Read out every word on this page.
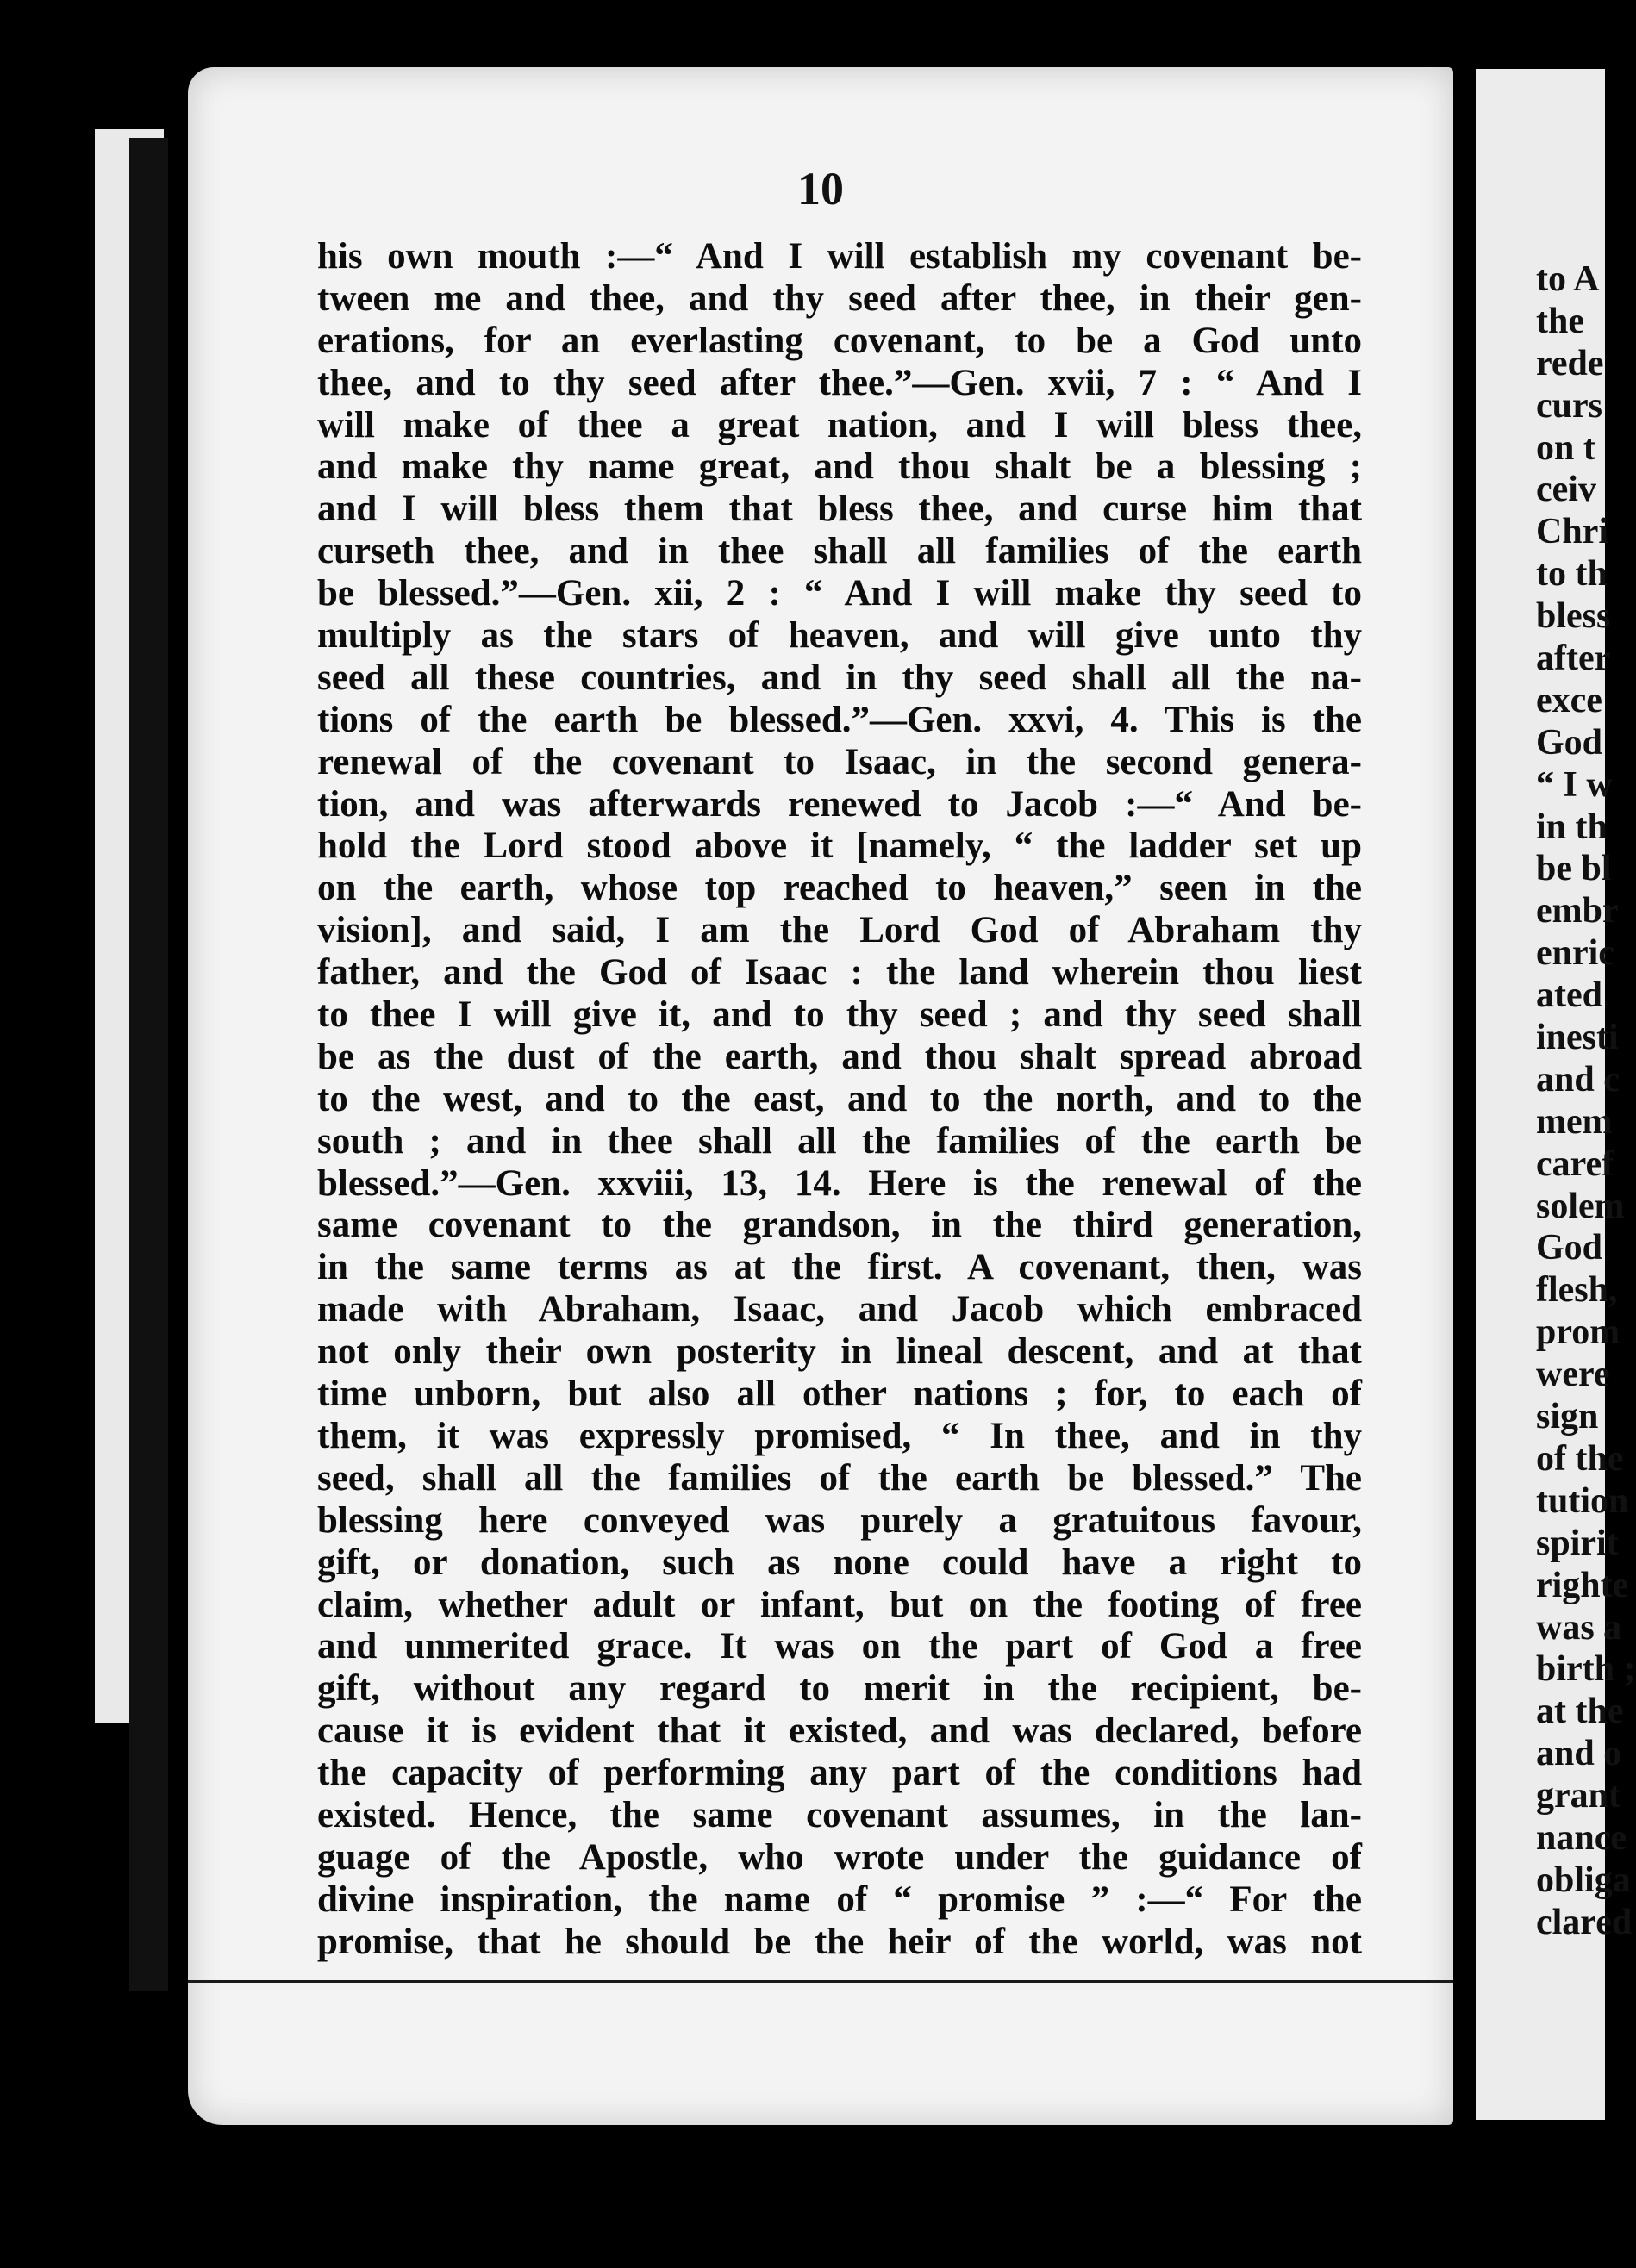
10
his own mouth :—“ And I will establish my covenant be-
tween me and thee, and thy seed after thee, in their gen-
erations, for an everlasting covenant, to be a God unto
thee, and to thy seed after thee.”—Gen. xvii, 7 : “ And I
will make of thee a great nation, and I will bless thee,
and make thy name great, and thou shalt be a blessing ;
and I will bless them that bless thee, and curse him that
curseth thee, and in thee shall all families of the earth
be blessed.”—Gen. xii, 2 : “ And I will make thy seed to
multiply as the stars of heaven, and will give unto thy
seed all these countries, and in thy seed shall all the na-
tions of the earth be blessed.”—Gen. xxvi, 4. This is the
renewal of the covenant to Isaac, in the second genera-
tion, and was afterwards renewed to Jacob :—“ And be-
hold the Lord stood above it [namely, “ the ladder set up
on the earth, whose top reached to heaven,” seen in the
vision], and said, I am the Lord God of Abraham thy
father, and the God of Isaac : the land wherein thou liest
to thee I will give it, and to thy seed ; and thy seed shall
be as the dust of the earth, and thou shalt spread abroad
to the west, and to the east, and to the north, and to the
south ; and in thee shall all the families of the earth be
blessed.”—Gen. xxviii, 13, 14. Here is the renewal of the
same covenant to the grandson, in the third generation,
in the same terms as at the first. A covenant, then, was
made with Abraham, Isaac, and Jacob which embraced
not only their own posterity in lineal descent, and at that
time unborn, but also all other nations ; for, to each of
them, it was expressly promised, “ In thee, and in thy
seed, shall all the families of the earth be blessed.” The
blessing here conveyed was purely a gratuitous favour,
gift, or donation, such as none could have a right to
claim, whether adult or infant, but on the footing of free
and unmerited grace. It was on the part of God a free
gift, without any regard to merit in the recipient, be-
cause it is evident that it existed, and was declared, before
the capacity of performing any part of the conditions had
existed. Hence, the same covenant assumes, in the lan-
guage of the Apostle, who wrote under the guidance of
divine inspiration, the name of “ promise ” :—“ For the
promise, that he should be the heir of the world, was not
to A
the
rede
curs
on t
ceiv
Chri
to th
bless
after
exce
God
“ I w
in th
be bl
embr
enric
ated
inesti
and c
mem
caref
solem
God
flesh,
prom
were
sign
of the
tution
spirit
righte
was a
birth ;
at the
and o
grant
nance
obliga
clared
